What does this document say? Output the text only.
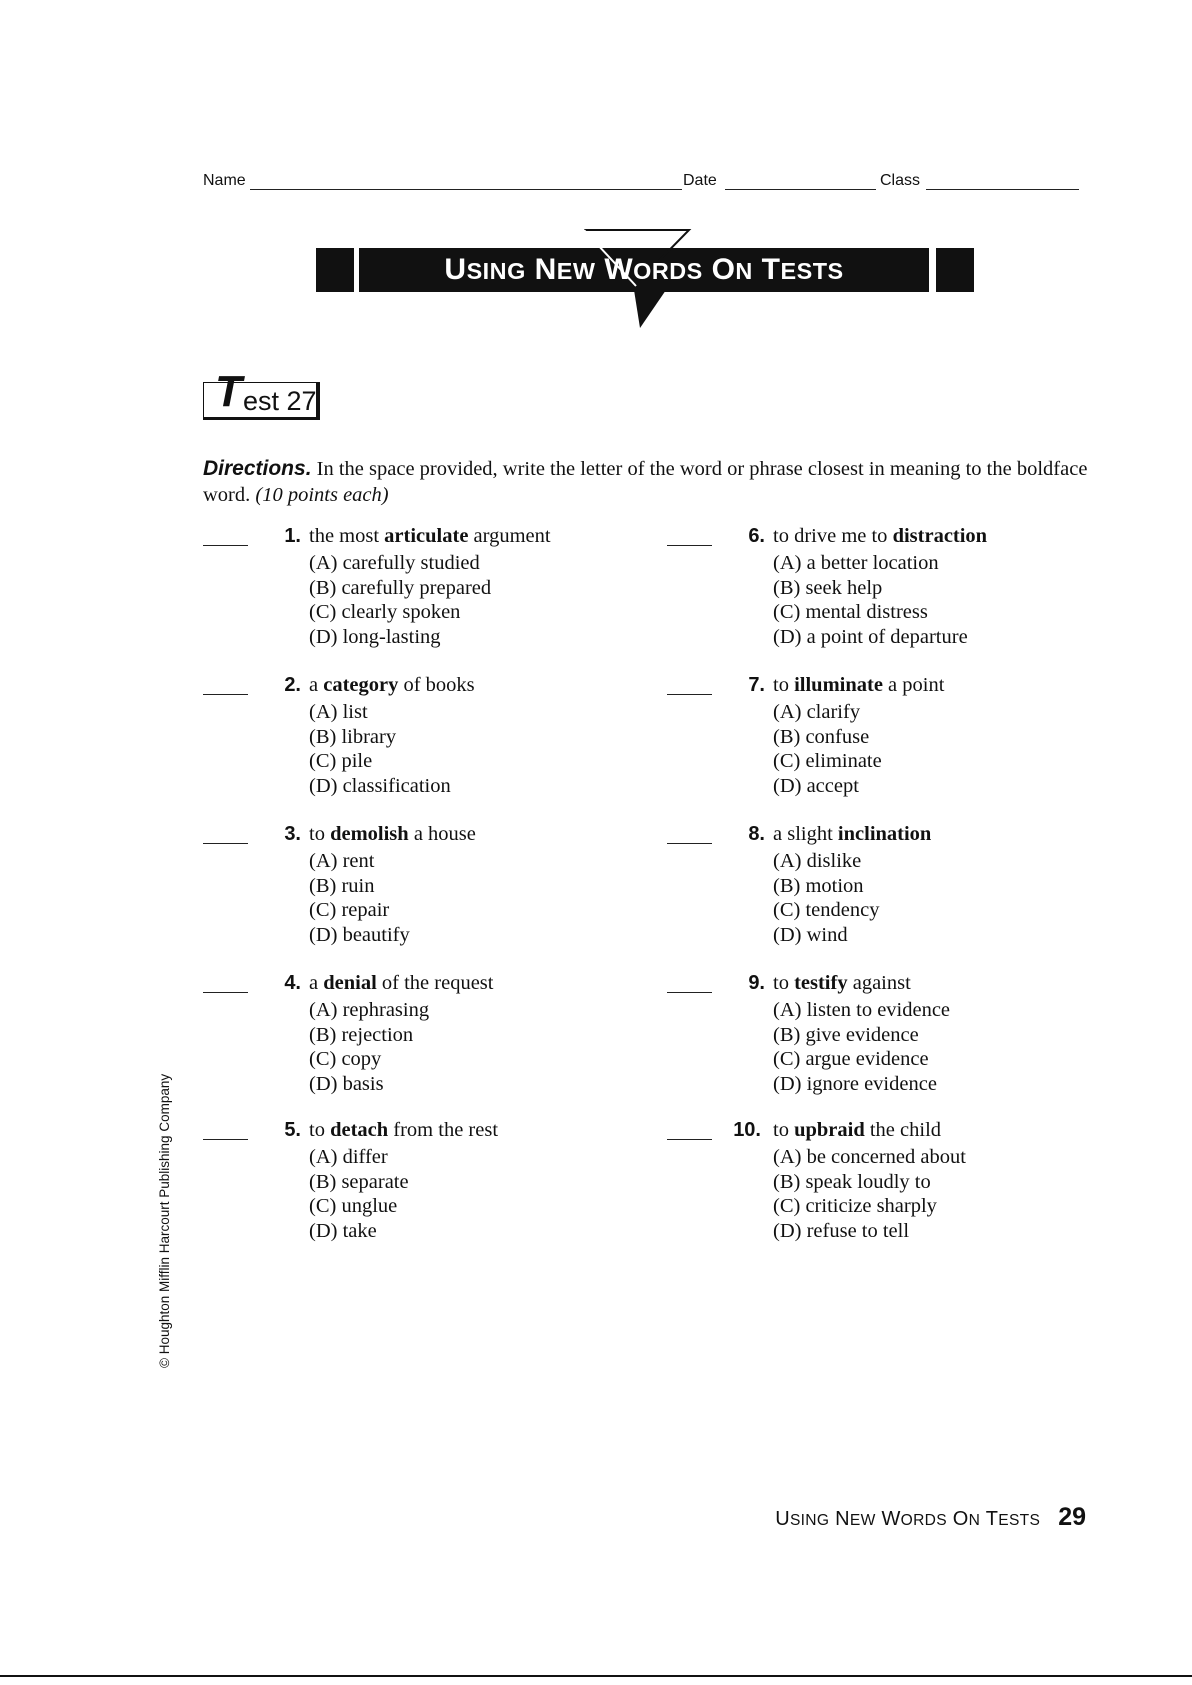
Name	Date	Class
USING NEW WORDS ON TESTS
T est 27
Directions. In the space provided, write the letter of the word or phrase closest in meaning to the boldface word. (10 points each)
1. the most articulate argument
(A) carefully studied
(B) carefully prepared
(C) clearly spoken
(D) long-lasting
2. a category of books
(A) list
(B) library
(C) pile
(D) classification
3. to demolish a house
(A) rent
(B) ruin
(C) repair
(D) beautify
4. a denial of the request
(A) rephrasing
(B) rejection
(C) copy
(D) basis
5. to detach from the rest
(A) differ
(B) separate
(C) unglue
(D) take
6. to drive me to distraction
(A) a better location
(B) seek help
(C) mental distress
(D) a point of departure
7. to illuminate a point
(A) clarify
(B) confuse
(C) eliminate
(D) accept
8. a slight inclination
(A) dislike
(B) motion
(C) tendency
(D) wind
9. to testify against
(A) listen to evidence
(B) give evidence
(C) argue evidence
(D) ignore evidence
10. to upbraid the child
(A) be concerned about
(B) speak loudly to
(C) criticize sharply
(D) refuse to tell
© Houghton Mifflin Harcourt Publishing Company
USING NEW WORDS ON TESTS 29
